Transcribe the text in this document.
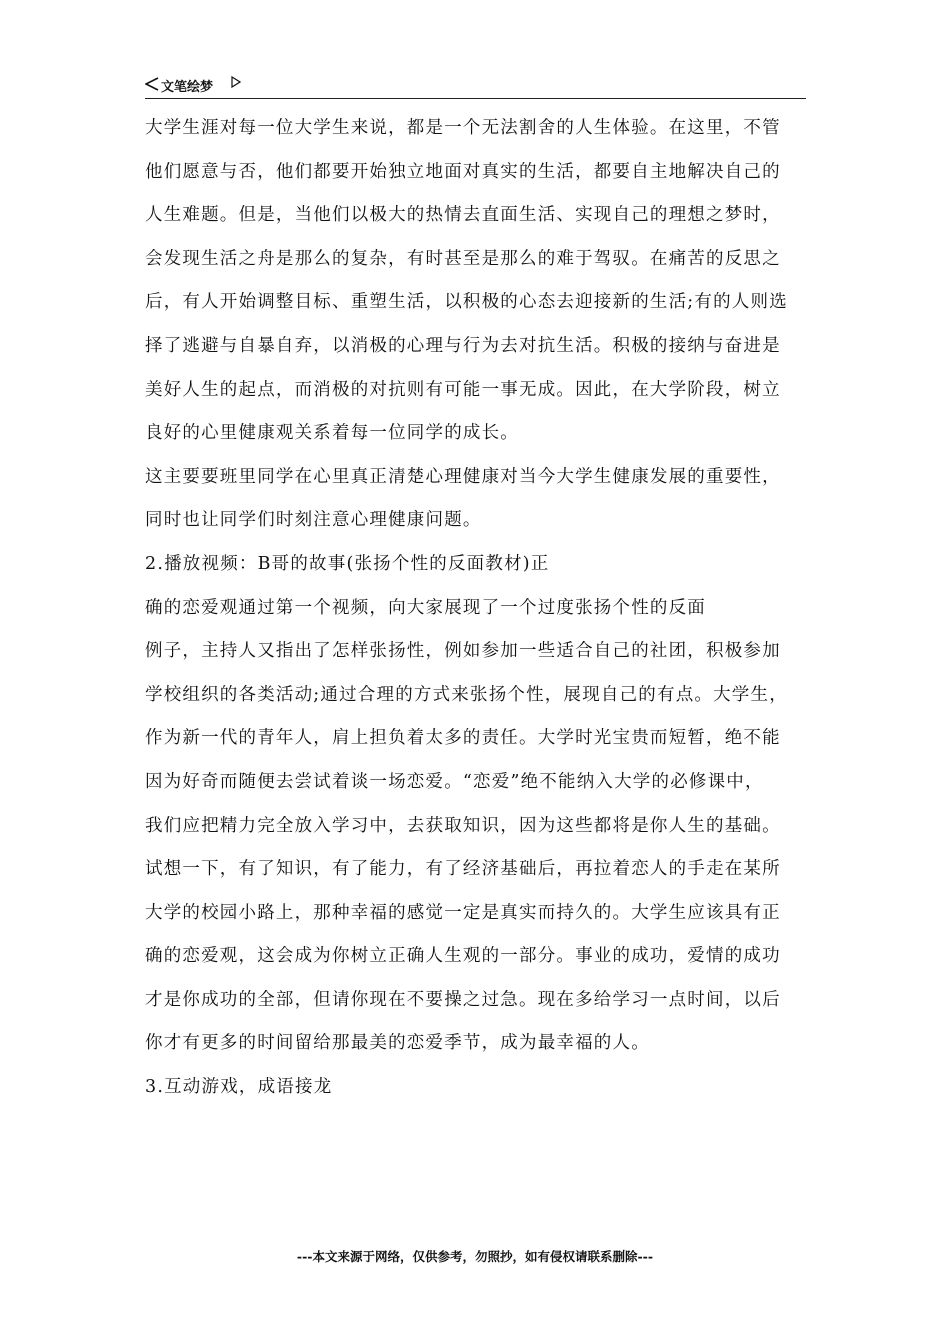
文笔绘梦
大学生涯对每一位大学生来说，都是一个无法割舍的人生体验。在这里，不管
他们愿意与否，他们都要开始独立地面对真实的生活，都要自主地解决自己的
人生难题。但是，当他们以极大的热情去直面生活、实现自己的理想之梦时，
会发现生活之舟是那么的复杂，有时甚至是那么的难于驾驭。在痛苦的反思之
后，有人开始调整目标、重塑生活，以积极的心态去迎接新的生活;有的人则选
择了逃避与自暴自弃，以消极的心理与行为去对抗生活。积极的接纳与奋进是
美好人生的起点，而消极的对抗则有可能一事无成。因此，在大学阶段，树立
良好的心里健康观关系着每一位同学的成长。
这主要要班里同学在心里真正清楚心理健康对当今大学生健康发展的重要性，
同时也让同学们时刻注意心理健康问题。
2.播放视频：B哥的故事(张扬个性的反面教材)正
确的恋爱观通过第一个视频，向大家展现了一个过度张扬个性的反面
例子，主持人又指出了怎样张扬性，例如参加一些适合自己的社团，积极参加
学校组织的各类活动;通过合理的方式来张扬个性，展现自己的有点。大学生，
作为新一代的青年人，肩上担负着太多的责任。大学时光宝贵而短暂，绝不能
因为好奇而随便去尝试着谈一场恋爱。“恋爱”绝不能纳入大学的必修课中，
我们应把精力完全放入学习中，去获取知识，因为这些都将是你人生的基础。
试想一下，有了知识，有了能力，有了经济基础后，再拉着恋人的手走在某所
大学的校园小路上，那种幸福的感觉一定是真实而持久的。大学生应该具有正
确的恋爱观，这会成为你树立正确人生观的一部分。事业的成功，爱情的成功
才是你成功的全部，但请你现在不要操之过急。现在多给学习一点时间，以后
你才有更多的时间留给那最美的恋爱季节，成为最幸福的人。
3.互动游戏，成语接龙
---本文来源于网络，仅供参考，勿照抄，如有侵权请联系删除---
